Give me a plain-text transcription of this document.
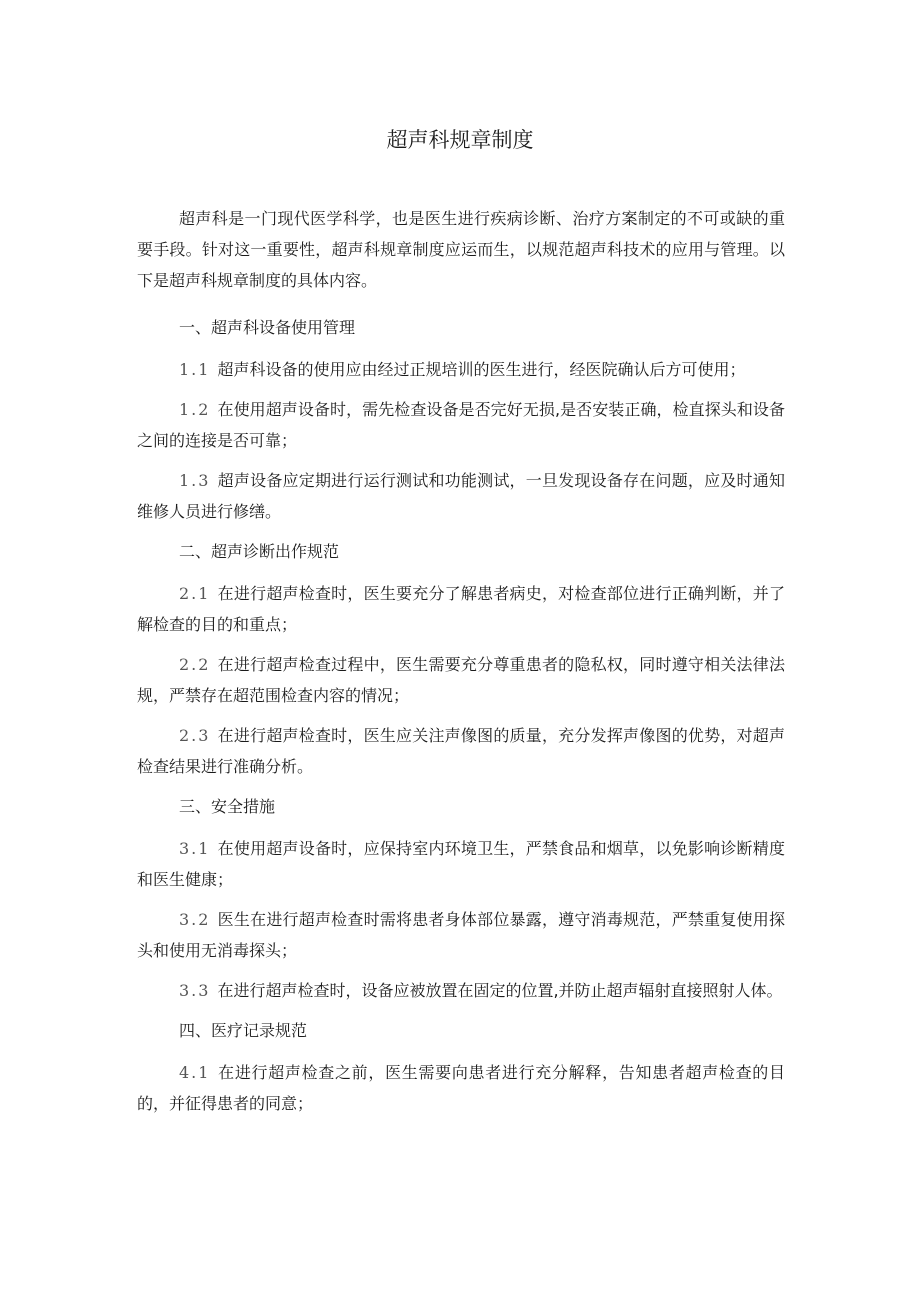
超声科规章制度

超声科是一门现代医学科学，也是医生进行疾病诊断、治疗方案制定的不可或缺的重要手段。针对这一重要性，超声科规章制度应运而生，以规范超声科技术的应用与管理。以下是超声科规章制度的具体内容。

一、超声科设备使用管理

1.1 超声科设备的使用应由经过正规培训的医生进行，经医院确认后方可使用；

1.2 在使用超声设备时，需先检查设备是否完好无损,是否安装正确，检直探头和设备之间的连接是否可靠；

1.3 超声设备应定期进行运行测试和功能测试，一旦发现设备存在问题，应及时通知维修人员进行修缮。

二、超声诊断出作规范

2.1 在进行超声检查时，医生要充分了解患者病史，对检查部位进行正确判断，并了解检查的目的和重点；

2.2 在进行超声检查过程中，医生需要充分尊重患者的隐私权，同时遵守相关法律法规，严禁存在超范围检查内容的情况；

2.3 在进行超声检查时，医生应关注声像图的质量，充分发挥声像图的优势，对超声检查结果进行准确分析。

三、安全措施

3.1 在使用超声设备时，应保持室内环境卫生，严禁食品和烟草，以免影响诊断精度和医生健康；

3.2 医生在进行超声检查时需将患者身体部位暴露，遵守消毒规范，严禁重复使用探头和使用无消毒探头；

3.3 在进行超声检查时，设备应被放置在固定的位置,并防止超声辐射直接照射人体。

四、医疗记录规范

4.1 在进行超声检查之前，医生需要向患者进行充分解释，告知患者超声检查的目的，并征得患者的同意；
